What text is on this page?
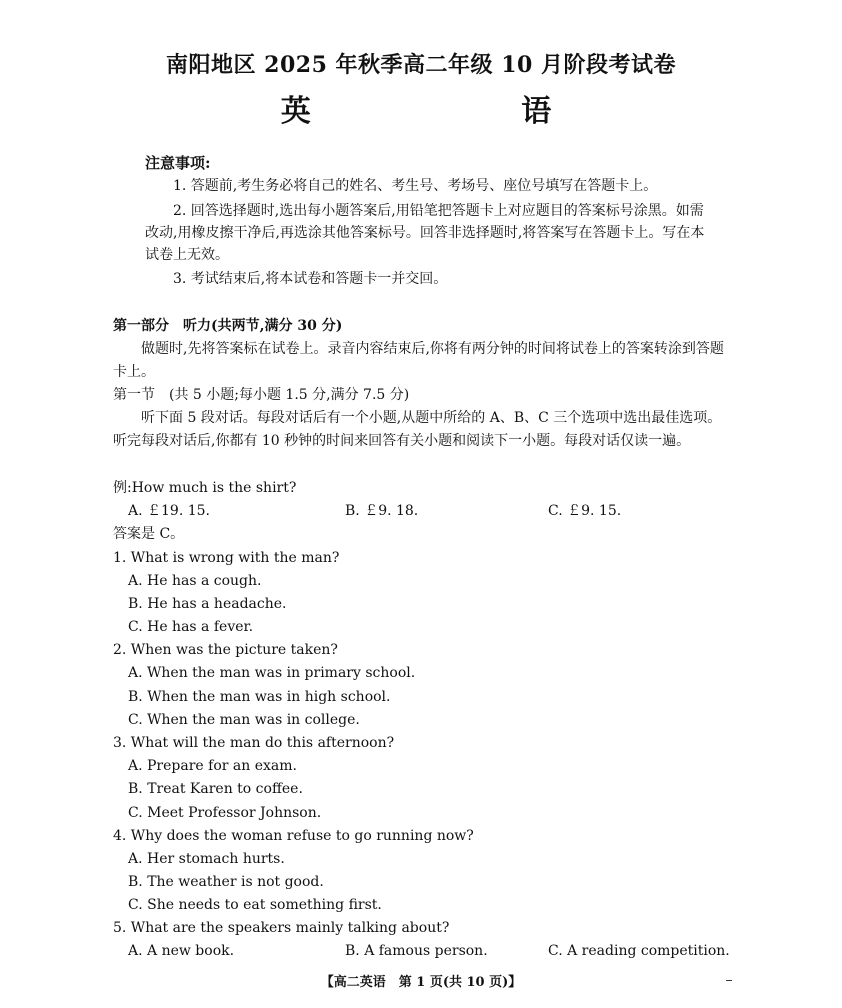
南阳地区 2025 年秋季高二年级 10 月阶段考试卷
英 语
注意事项:
1. 答题前,考生务必将自己的姓名、考生号、考场号、座位号填写在答题卡上。
2. 回答选择题时,选出每小题答案后,用铅笔把答题卡上对应题目的答案标号涂黑。如需改动,用橡皮擦干净后,再选涂其他答案标号。回答非选择题时,将答案写在答题卡上。写在本试卷上无效。
3. 考试结束后,将本试卷和答题卡一并交回。
第一部分　听力(共两节,满分 30 分)
做题时,先将答案标在试卷上。录音内容结束后,你将有两分钟的时间将试卷上的答案转涂到答题卡上。
第一节　(共 5 小题;每小题 1.5 分,满分 7.5 分)
听下面 5 段对话。每段对话后有一个小题,从题中所给的 A、B、C 三个选项中选出最佳选项。听完每段对话后,你都有 10 秒钟的时间来回答有关小题和阅读下一小题。每段对话仅读一遍。
例:How much is the shirt?
A. ￡19. 15.	B. ￡9. 18.	C. ￡9. 15.
答案是 C。
1. What is wrong with the man?
A. He has a cough.
B. He has a headache.
C. He has a fever.
2. When was the picture taken?
A. When the man was in primary school.
B. When the man was in high school.
C. When the man was in college.
3. What will the man do this afternoon?
A. Prepare for an exam.
B. Treat Karen to coffee.
C. Meet Professor Johnson.
4. Why does the woman refuse to go running now?
A. Her stomach hurts.
B. The weather is not good.
C. She needs to eat something first.
5. What are the speakers mainly talking about?
A. A new book.	B. A famous person.	C. A reading competition.
【高二英语　第 1 页(共 10 页)】
